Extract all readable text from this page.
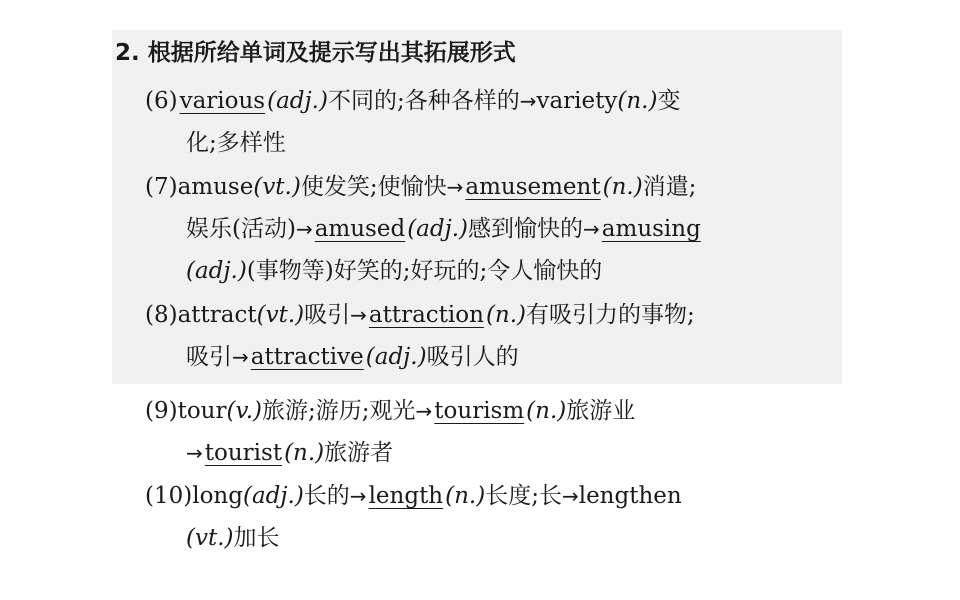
2. 根据所给单词及提示写出其拓展形式
(6)various(adj.)不同的;各种各样的→variety(n.)变
化;多样性
(7)amuse(vt.)使发笑;使愉快→amusement(n.)消遣;
娱乐(活动)→amused(adj.)感到愉快的→amusing
(adj.)(事物等)好笑的;好玩的;令人愉快的
(8)attract(vt.)吸引→attraction(n.)有吸引力的事物;
吸引→attractive(adj.)吸引人的
(9)tour(v.)旅游;游历;观光→tourism(n.)旅游业
→tourist(n.)旅游者
(10)long(adj.)长的→length(n.)长度;长→lengthen
(vt.)加长
